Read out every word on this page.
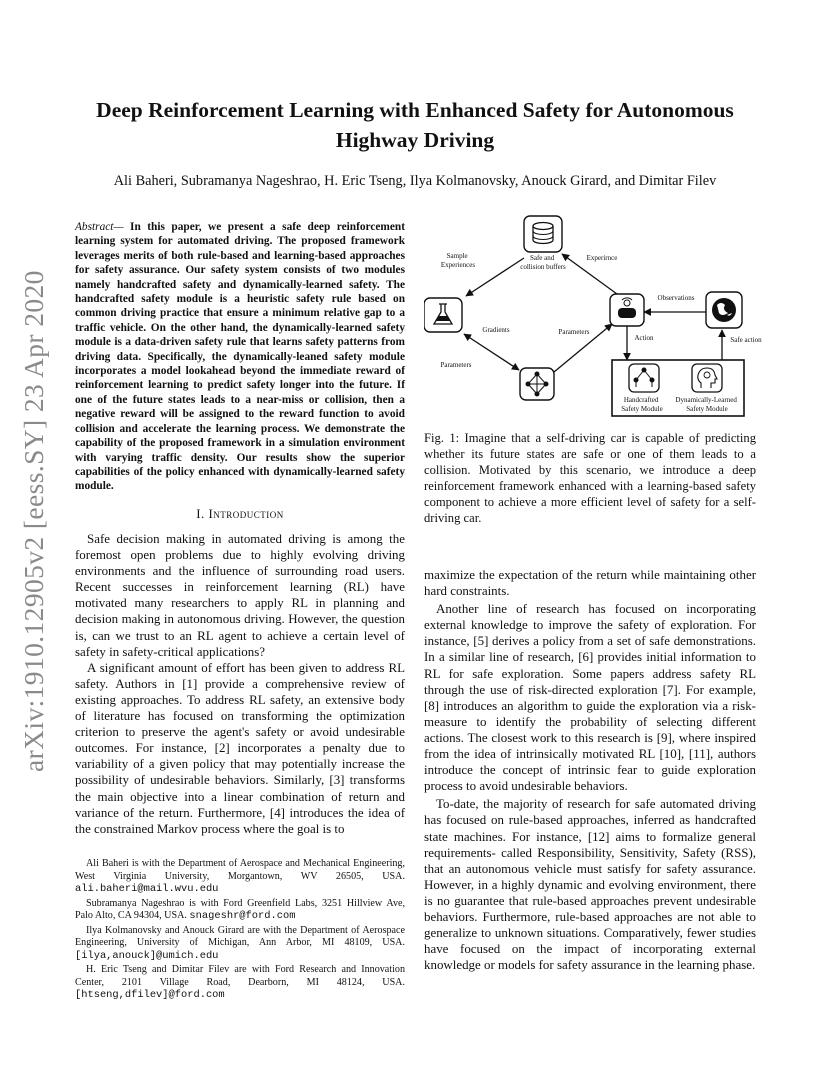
arXiv:1910.12905v2 [eess.SY] 23 Apr 2020
Deep Reinforcement Learning with Enhanced Safety for Autonomous Highway Driving

Ali Baheri, Subramanya Nageshrao, H. Eric Tseng, Ilya Kolmanovsky, Anouck Girard, and Dimitar Filev

Abstract— In this paper, we present a safe deep reinforcement learning system for automated driving. The proposed framework leverages merits of both rule-based and learning-based approaches for safety assurance. Our safety system consists of two modules namely handcrafted safety and dynamically-learned safety. The handcrafted safety module is a heuristic safety rule based on common driving practice that ensure a minimum relative gap to a traffic vehicle. On the other hand, the dynamically-learned safety module is a data-driven safety rule that learns safety patterns from driving data. Specifically, the dynamically-leaned safety module incorporates a model lookahead beyond the immediate reward of reinforcement learning to predict safety longer into the future. If one of the future states leads to a near-miss or collision, then a negative reward will be assigned to the reward function to avoid collision and accelerate the learning process. We demonstrate the capability of the proposed framework in a simulation environment with varying traffic density. Our results show the superior capabilities of the policy enhanced with dynamically-learned safety module.

I. Introduction

Safe decision making in automated driving is among the foremost open problems due to highly evolving driving environments and the influence of surrounding road users. Recent successes in reinforcement learning (RL) have motivated many researchers to apply RL in planning and decision making in autonomous driving. However, the question is, can we trust to an RL agent to achieve a certain level of safety in safety-critical applications?

A significant amount of effort has been given to address RL safety. Authors in [1] provide a comprehensive review of existing approaches. To address RL safety, an extensive body of literature has focused on transforming the optimization criterion to preserve the agent's safety or avoid undesirable outcomes. For instance, [2] incorporates a penalty due to variability of a given policy that may potentially increase the possibility of undesirable behaviors. Similarly, [3] transforms the main objective into a linear combination of return and variance of the return. Furthermore, [4] introduces the idea of the constrained Markov process where the goal is to

Ali Baheri is with the Department of Aerospace and Mechanical Engineering, West Virginia University, Morgantown, WV 26505, USA. ali.baheri@mail.wvu.edu

Subramanya Nageshrao is with Ford Greenfield Labs, 3251 Hillview Ave, Palo Alto, CA 94304, USA. snageshr@ford.com

Ilya Kolmanovsky and Anouck Girard are with the Department of Aerospace Engineering, University of Michigan, Ann Arbor, MI 48109, USA. [ilya,anouck]@umich.edu

H. Eric Tseng and Dimitar Filev are with Ford Research and Innovation Center, 2101 Village Road, Dearborn, MI 48124, USA. [htseng,dfilev]@ford.com

Sample Experiences
Safe and collision buffers
Experirnce
Observations
Gradients	Parameters
Action	Safe action
Parameters
Handcrafted Safety Module
Dynamically-Learned Safety Module

Fig. 1: Imagine that a self-driving car is capable of predicting whether its future states are safe or one of them leads to a collision. Motivated by this scenario, we introduce a deep reinforcement framework enhanced with a learning-based safety component to achieve a more efficient level of safety for a self-driving car.

maximize the expectation of the return while maintaining other hard constraints.

Another line of research has focused on incorporating external knowledge to improve the safety of exploration. For instance, [5] derives a policy from a set of safe demonstrations. In a similar line of research, [6] provides initial information to RL for safe exploration. Some papers address safety RL through the use of risk-directed exploration [7]. For example, [8] introduces an algorithm to guide the exploration via a risk-measure to identify the probability of selecting different actions. The closest work to this research is [9], where inspired from the idea of intrinsically motivated RL [10], [11], authors introduce the concept of intrinsic fear to guide exploration process to avoid undesirable behaviors.

To-date, the majority of research for safe automated driving has focused on rule-based approaches, inferred as handcrafted state machines. For instance, [12] aims to formalize general requirements- called Responsibility, Sensitivity, Safety (RSS), that an autonomous vehicle must satisfy for safety assurance. However, in a highly dynamic and evolving environment, there is no guarantee that rule-based approaches prevent undesirable behaviors. Furthermore, rule-based approaches are not able to generalize to unknown situations. Comparatively, fewer studies have focused on the impact of incorporating external knowledge or models for safety assurance in the learning phase.
